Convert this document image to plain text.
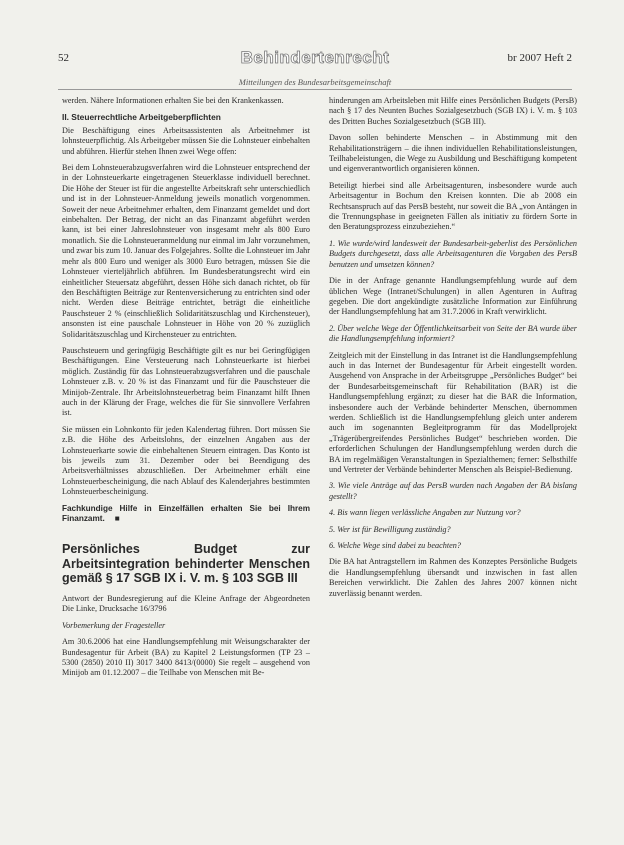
52	Behindertenrecht	br 2007 Heft 2
Mitteilungen des Bundesarbeitsgemeinschaft

werden. Nähere Informationen erhalten Sie bei den Krankenkassen.

II. Steuerrechtliche Arbeitgeberpflichten

Die Beschäftigung eines Arbeitsassistenten als Arbeitnehmer ist lohnsteuerpflichtig. Als Arbeitgeber müssen Sie die Lohnsteuer einbehalten und abführen. Hierfür stehen Ihnen zwei Wege offen:

Bei dem Lohnsteuerabzugsverfahren wird die Lohnsteuer entsprechend der in der Lohnsteuerkarte eingetragenen Steuerklasse individuell berechnet. Die Höhe der Steuer ist für die angestellte Arbeitskraft sehr unterschiedlich und ist in der Lohnsteuer-Anmeldung jeweils monatlich vorgenommen. Soweit der neue Arbeitnehmer erhalten, dem Finanzamt gemeldet und dort einbehalten. Der Betrag, der nicht an das Finanzamt abgeführt werden kann, ist bei einer Jahreslohnsteuer von insgesamt mehr als 800 Euro monatlich. Sie die Lohnsteueranmeldung nur einmal im Jahr vorzunehmen, und zwar bis zum 10. Januar des Folgejahres. Sollte die Lohnsteuer im Jahr mehr als 800 Euro und weniger als 3000 Euro betragen, müssen Sie die Lohnsteuer vierteljährlich abführen. Im Bundesberatungsrecht wird ein einheitlicher Steuersatz abgeführt, dessen Höhe sich danach richtet, ob für den Beschäftigten Beiträge zur Rentenversicherung zu entrichten sind oder nicht. Werden diese Beiträge entrichtet, beträgt die einheitliche Pauschsteuer 2 % (einschließlich Solidaritätszuschlag und Kirchensteuer), ansonsten ist eine pauschale Lohnsteuer in Höhe von 20 % zuzüglich Solidaritätszuschlag und Kirchensteuer zu entrichten.

Pauschsteuern und geringfügig Beschäftigte gilt es nur bei Geringfügigen Beschäftigungen. Eine Versteuerung nach Lohnsteuerkarte ist hierbei möglich. Zuständig für das Lohnsteuerabzugsverfahren und die pauschale Lohnsteuer z.B. v. 20 % ist das Finanzamt und für die Pauschsteuer die Minijob-Zentrale. Ihr Arbeitslohnsteuerbetrag beim Finanzamt hilft Ihnen auch in der Klärung der Frage, welches die für Sie sinnvollere Verfahren ist.

Sie müssen ein Lohnkonto für jeden Kalendertag führen. Dort müssen Sie z.B. die Höhe des Arbeitslohns, der einzelnen Angaben aus der Lohnsteuerkarte sowie die einbehaltenen Steuern eintragen. Das Konto ist bis jeweils zum 31. Dezember oder bei Beendigung des Arbeitsverhältnisses abzuschließen. Der Arbeitnehmer erhält eine Lohnsteuerbescheinigung, die nach Ablauf des Kalenderjahres bestimmten Lohnsteuerbescheinigung.

Fachkundige Hilfe in Einzelfällen erhalten Sie bei Ihrem Finanzamt. ■

Persönliches Budget zur Arbeitsintegration behinderter Menschen gemäß § 17 SGB IX i. V. m. § 103 SGB III

Antwort der Bundesregierung auf die Kleine Anfrage der Abgeordneten Die Linke, Drucksache 16/3796

Vorbemerkung der Fragesteller

Am 30.6.2006 hat eine Handlungsempfehlung mit Weisungscharakter der Bundesagentur für Arbeit (BA) zu Kapitel 2 Leistungsformen (TP 23 – 5300 (2850) 2010 II) 3017 3400 8413/(0000) Sie regelt – ausgehend von Minijob am 01.12.2007 – die Teilhabe von Menschen mit Be-

hinderungen am Arbeitsleben mit Hilfe eines Persönlichen Budgets (PersB) nach § 17 des Neunten Buches Sozialgesetzbuch (SGB IX) i. V. m. § 103 des Dritten Buches Sozialgesetzbuch (SGB III).

Davon sollen behinderte Menschen – in Abstimmung mit den Rehabilitationsträgern – die ihnen individuellen Rehabilitationsleistungen, Teilhabeleistungen, die Wege zu Ausbildung und Beschäftigung kompetent und eigenverantwortlich organisieren können.

Beteiligt hierbei sind alle Arbeitsagenturen, insbesondere wurde auch Arbeitsagentur in Bochum den Kreisen konnten. Die ab 2008 ein Rechtsanspruch auf das PersB besteht, nur soweit die BA „von Antängen in die Trennungsphase in geeigneten Fällen als initiativ zu fördern Sorte in den Beratungsprozess einzubeziehen.“

1. Wie wurde/wird landesweit der Bundesarbeit-geberlist des Persönlichen Budgets durchgesetzt, dass alle Arbeitsagenturen die Vorgaben des PersB benutzen und umsetzen können?

Die in der Anfrage genannte Handlungsempfehlung wurde auf dem üblichen Wege (Intranet/Schulungen) in allen Agenturen in Auftrag gegeben. Die dort angekündigte zusätzliche Information zur Einführung der Handlungsempfehlung hat am 31.7.2006 in Kraft verwirklicht.

2. Über welche Wege der Öffentlichkeitsarbeit von Seite der BA wurde über die Handlungsempfehlung informiert?

Zeitgleich mit der Einstellung in das Intranet ist die Handlungsempfehlung auch in das Internet der Bundesagentur für Arbeit eingestellt worden. Ausgehend von Ansprache in der Arbeitsgruppe „Persönliches Budget“ bei der Bundesarbeitsgemeinschaft für Rehabilitation (BAR) ist die Handlungsempfehlung ergänzt; zu dieser hat die BAR die Information, insbesondere auch der Verbände behinderter Menschen, übernommen werden. Schließlich ist die Handlungsempfehlung gleich unter anderem auch im sogenannten Begleitprogramm für das Modellprojekt „Trägerübergreifendes Persönliches Budget“ beschrieben worden. Die erforderlichen Schulungen der Handlungsempfehlung werden durch die BA im regelmäßigen Veranstaltungen in Spezialthemen; ferner: Selbsthilfe und Vertreter der Verbände behinderter Menschen als Beispiel-Bedienung.

3. Wie viele Anträge auf das PersB wurden nach Angaben der BA bislang gestellt?

4. Bis wann liegen verlässliche Angaben zur Nutzung vor?

5. Wer ist für Bewilligung zuständig?

6. Welche Wege sind dabei zu beachten?

Die BA hat Antragstellern im Rahmen des Konzeptes Persönliche Budgets die Handlungsempfehlung übersandt und inzwischen in fast allen Bereichen verwirklicht. Die Zahlen des Jahres 2007 können nicht zuverlässig benannt werden.
